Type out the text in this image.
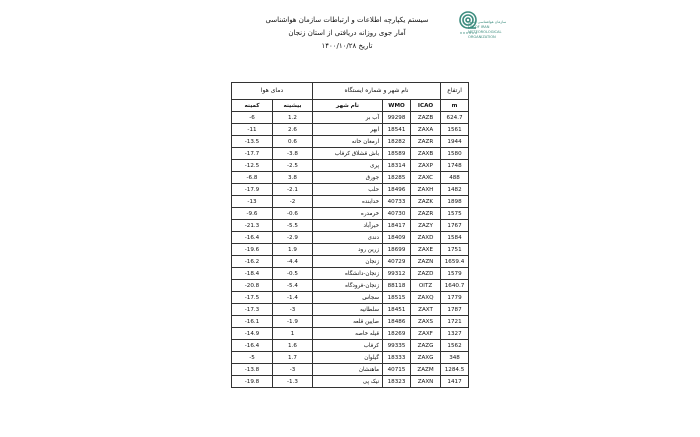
سیستم یکپارچه اطلاعات و ارتباطات سازمان هواشناسی
آمار جوی روزانه دریافتی از استان زنجان
تاریخ ۱۴۰۰/۱۰/۲۸
سازمان هواشناسی کشور
I.R. OF IRAN METEOROLOGICAL ORGANIZATION
ارتفاع	نام شهر و شماره ایستگاه			دمای هوا	
m	ICAO	WMO	نام شهر	بیشینه	کمینه
624.7	ZAZB	99298	آب بر	1.2	-6
1561	ZAXA	18541	ابهر	2.6	-11
1944	ZAZR	18282	ارمغان خانه	0.6	-13.5
1580	ZAXB	18589	باش قشلاق کرفاب	-3.8	-17.7
1748	ZAXP	18314	پری	-2.5	-12.5
488	ZAXC	18285	جورق	3.8	-6.8
1482	ZAXH	18496	حلب	-2.1	-17.9
1898	ZAZK	40733	خدابنده	-2	-13
1575	ZAZR	40730	خرمدره	-0.6	-9.6
1767	ZAZY	18417	خیرآباد	-5.5	-21.3
1584	ZAXD	18409	دندی	-2.9	-16.4
1751	ZAXE	18699	زرین رود	1.9	-19.6
1659.4	ZAZN	40729	زنجان	-4.4	-16.2
1579	ZAZD	99312	زنجان-دانشگاه	-0.5	-18.4
1640.7	OITZ	88118	زنجان-فرودگاه	-5.4	-20.8
1779	ZAXQ	18515	سجاس	-1.4	-17.5
1787	ZAXT	18451	سلطانیه	-3	-17.3
1721	ZAXS	18486	صایین قلعه	-1.9	-16.1
1327	ZAXF	18269	قیله خاصه	1	-14.9
1562	ZAZG	99335	کرفاب	1.6	-16.4
348	ZAXG	18333	گیلوان	1.7	-5
1284.5	ZAZM	40715	ماهنشان	-3	-13.8
1417	ZAXN	18323	نیک پی	-1.3	-19.8
